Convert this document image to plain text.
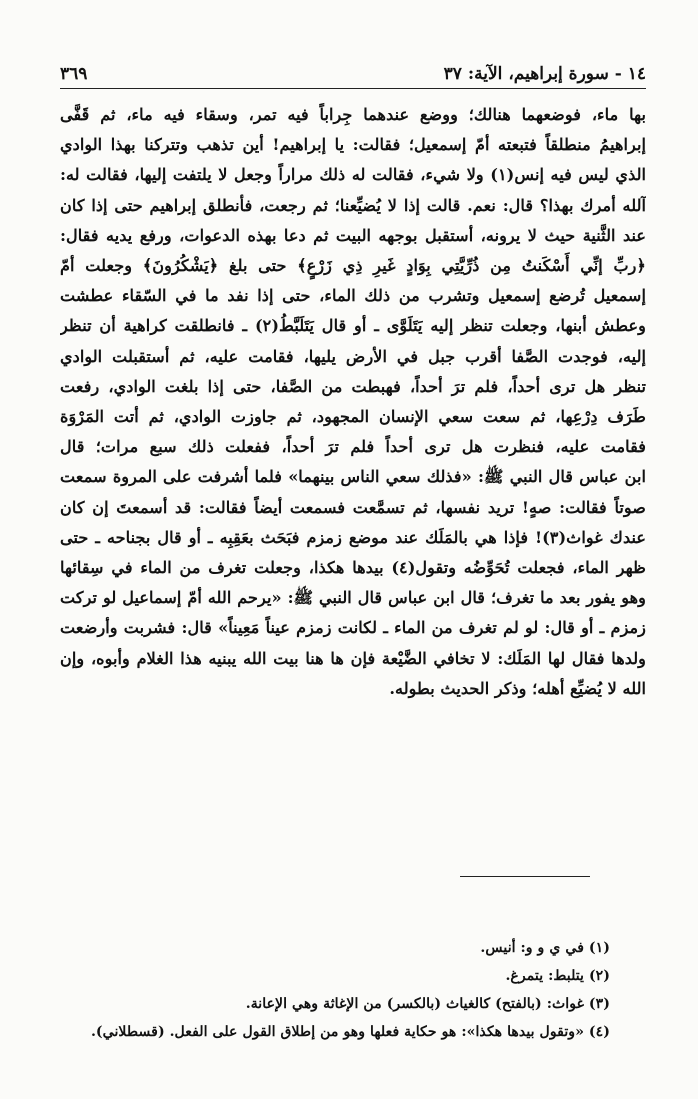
١٤ - سورة إبراهيم، الآية: ٣٧
٣٦٩
بها ماء، فوضعهما هنالك؛ ووضع عندهما جِراباً فيه تمر، وسقاء فيه ماء، ثم قَفَّى
إبراهيمُ منطلقاً فتبعته أمّ إسمعيل؛ فقالت: يا إبراهيم! أين تذهب وتتركنا بهذا الوادي
الذي ليس فيه إنس(١) ولا شيء، فقالت له ذلك مراراً وجعل لا يلتفت إليها، فقالت له:
آلله أمرك بهذا؟ قال: نعم. قالت إذا لا يُضيِّعنا؛ ثم رجعت، فأنطلق إبراهيم حتى إذا كان
عند الثَّنية حيث لا يرونه، أستقبل بوجهه البيت ثم دعا بهذه الدعوات، ورفع يديه فقال:
﴿ربِّ إنِّي أَسْكَنتُ مِن ذُرِّيَّتِي بِوَادٍ غَيرِ ذِي زَرْعٍ﴾ حتى بلغ ﴿يَشْكُرُونَ﴾ وجعلت أمّ
إسمعيل تُرضع إسمعيل وتشرب من ذلك الماء، حتى إذا نفد ما في السّقاء عطشت
وعطش أبنها، وجعلت تنظر إليه يَتَلَوَّى ـ أو قال يَتَلَبَّطُ(٢) ـ فانطلقت كراهية أن تنظر
إليه، فوجدت الصَّفا أقرب جبل في الأرض يليها، فقامت عليه، ثم أستقبلت الوادي
تنظر هل ترى أحداً، فلم ترَ أحداً، فهبطت من الصَّفا، حتى إذا بلغت الوادي، رفعت
طَرَف دِرْعِها، ثم سعت سعي الإنسان المجهود، ثم جاوزت الوادي، ثم أتت المَرْوَة
فقامت عليه، فنظرت هل ترى أحداً فلم ترَ أحداً، ففعلت ذلك سبع مرات؛ قال
ابن عباس قال النبي ﷺ: «فذلك سعي الناس بينهما» فلما أشرفت على المروة سمعت
صوتاً فقالت: صهٍ! تريد نفسها، ثم تسمَّعت فسمعت أيضاً فقالت: قد أسمعتَ إن كان
عندك غواث(٣)! فإذا هي بالمَلَك عند موضع زمزم فبَحَث بعَقِبِه ـ أو قال بجناحه ـ حتى
ظهر الماء، فجعلت تُحَوِّضُه وتقول(٤) بيدها هكذا، وجعلت تغرف من الماء في سِقائها
وهو يفور بعد ما تغرف؛ قال ابن عباس قال النبي ﷺ: «يرحم الله أمّ إسماعيل لو تركت
زمزم ـ أو قال: لو لم تغرف من الماء ـ لكانت زمزم عيناً مَعِيناً» قال: فشربت وأرضعت
ولدها فقال لها المَلَك: لا تخافي الضَّيْعة فإن ها هنا بيت الله يبنيه هذا الغلام وأبوه، وإن
الله لا يُضيِّع أهله؛ وذكر الحديث بطوله.
(١) في ي و و: أنيس.
(٢) يتلبط: يتمرغ.
(٣) غواث: (بالفتح) كالغياث (بالكسر) من الإغاثة وهي الإعانة.
(٤) «وتقول بيدها هكذا»: هو حكاية فعلها وهو من إطلاق القول على الفعل. (قسطلاني).
